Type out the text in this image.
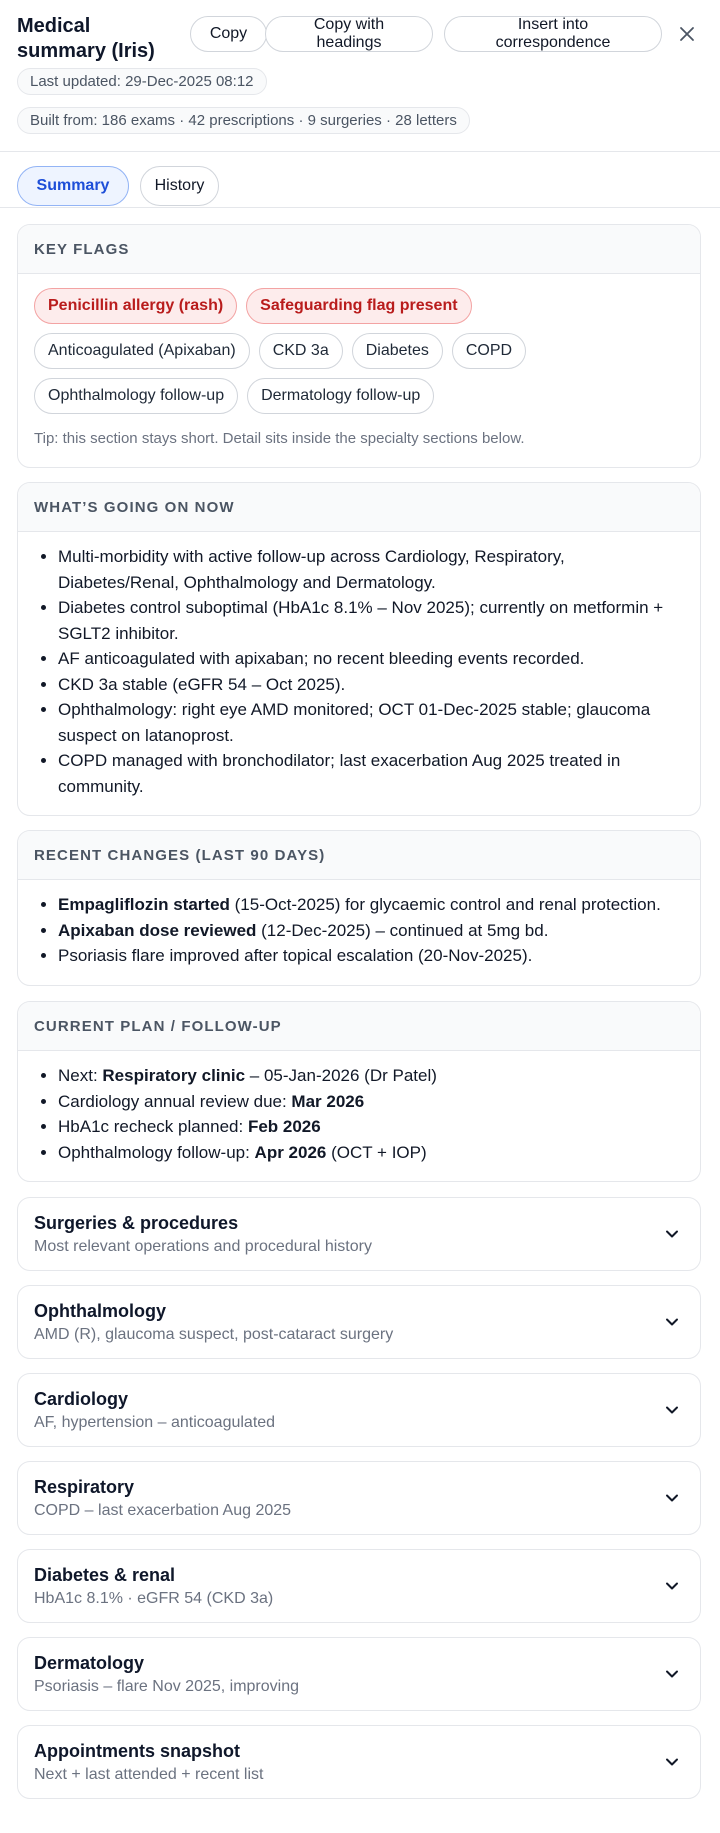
Medical summary (Iris)
Copy
Copy with headings
Insert into correspondence
Last updated: 29-Dec-2025 08:12
Built from: 186 exams · 42 prescriptions · 9 surgeries · 28 letters
Summary	History
KEY FLAGS
Penicillin allergy (rash)	Safeguarding flag present
Anticoagulated (Apixaban)	CKD 3a	Diabetes	COPD
Ophthalmology follow-up	Dermatology follow-up
Tip: this section stays short. Detail sits inside the specialty sections below.
WHAT’S GOING ON NOW
• Multi-morbidity with active follow-up across Cardiology, Respiratory, Diabetes/Renal, Ophthalmology and Dermatology.
• Diabetes control suboptimal (HbA1c 8.1% – Nov 2025); currently on metformin + SGLT2 inhibitor.
• AF anticoagulated with apixaban; no recent bleeding events recorded.
• CKD 3a stable (eGFR 54 – Oct 2025).
• Ophthalmology: right eye AMD monitored; OCT 01-Dec-2025 stable; glaucoma suspect on latanoprost.
• COPD managed with bronchodilator; last exacerbation Aug 2025 treated in community.
RECENT CHANGES (LAST 90 DAYS)
• Empagliflozin started (15-Oct-2025) for glycaemic control and renal protection.
• Apixaban dose reviewed (12-Dec-2025) – continued at 5mg bd.
• Psoriasis flare improved after topical escalation (20-Nov-2025).
CURRENT PLAN / FOLLOW-UP
• Next: Respiratory clinic – 05-Jan-2026 (Dr Patel)
• Cardiology annual review due: Mar 2026
• HbA1c recheck planned: Feb 2026
• Ophthalmology follow-up: Apr 2026 (OCT + IOP)
Surgeries & procedures
Most relevant operations and procedural history
Ophthalmology
AMD (R), glaucoma suspect, post-cataract surgery
Cardiology
AF, hypertension – anticoagulated
Respiratory
COPD – last exacerbation Aug 2025
Diabetes & renal
HbA1c 8.1% · eGFR 54 (CKD 3a)
Dermatology
Psoriasis – flare Nov 2025, improving
Appointments snapshot
Next + last attended + recent list
